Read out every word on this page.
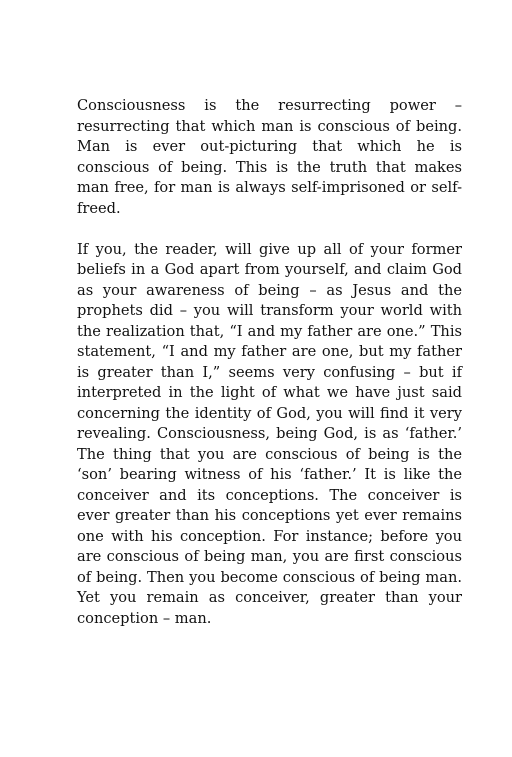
Consciousness is the resurrecting power – resurrecting that which man is conscious of being. Man is ever out-picturing that which he is conscious of being. This is the truth that makes man free, for man is always self-imprisoned or self-freed.

If you, the reader, will give up all of your former beliefs in a God apart from yourself, and claim God as your awareness of being – as Jesus and the prophets did – you will transform your world with the realization that, “I and my father are one.” This statement, “I and my father are one, but my father is greater than I,” seems very confusing – but if interpreted in the light of what we have just said concerning the identity of God, you will find it very revealing. Consciousness, being God, is as ‘father.’ The thing that you are conscious of being is the ‘son’ bearing witness of his ‘father.’ It is like the conceiver and its conceptions. The conceiver is ever greater than his conceptions yet ever remains one with his conception. For instance; before you are conscious of being man, you are first conscious of being. Then you become conscious of being man. Yet you remain as conceiver, greater than your conception – man.
